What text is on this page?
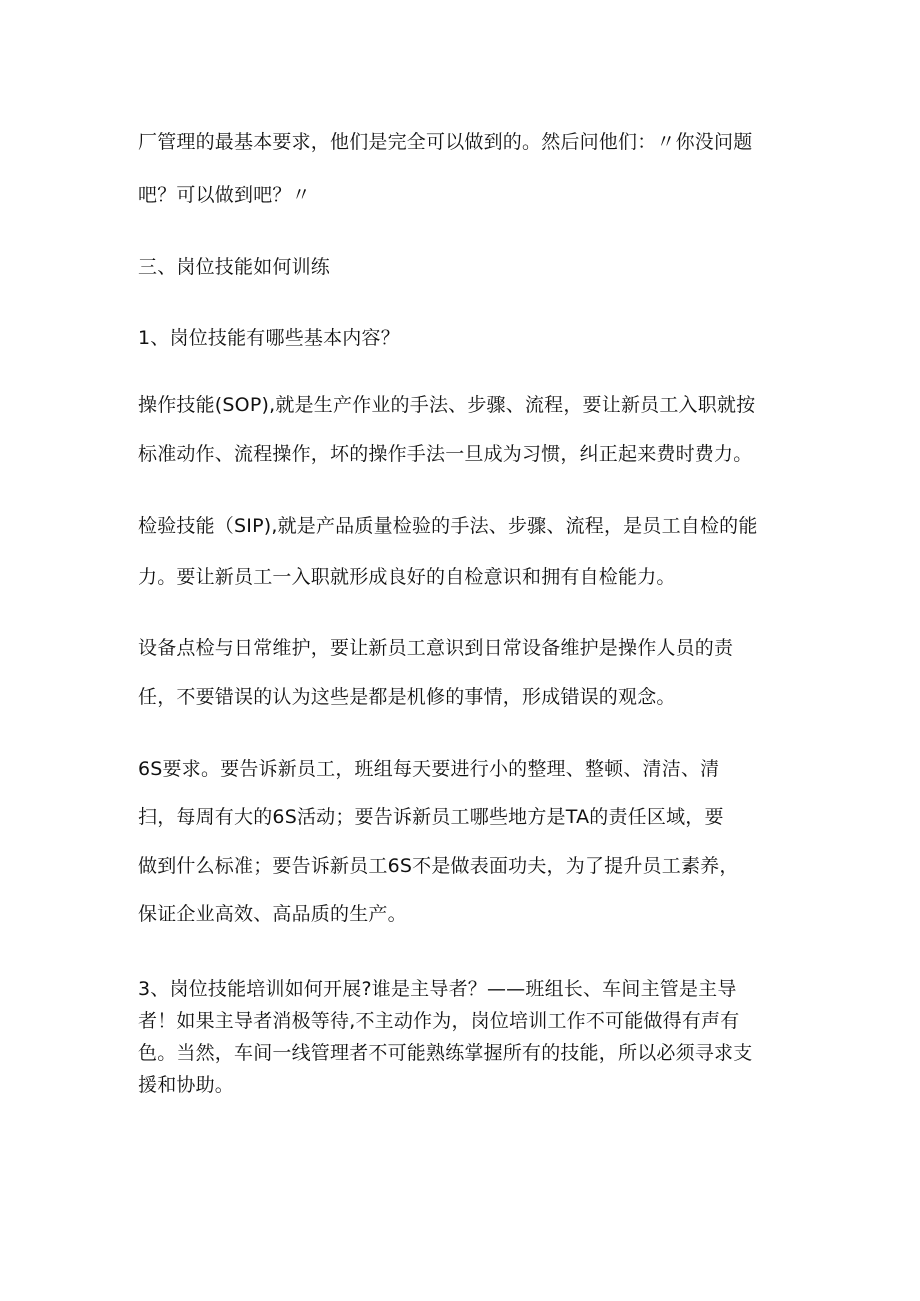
厂管理的最基本要求，他们是完全可以做到的。然后问他们：〃你没问题
吧？可以做到吧？〃
三、岗位技能如何训练
1、岗位技能有哪些基本内容？
操作技能(SOP),就是生产作业的手法、步骤、流程，要让新员工入职就按
标准动作、流程操作，坏的操作手法一旦成为习惯，纠正起来费时费力。
检验技能（SIP),就是产品质量检验的手法、步骤、流程，是员工自检的能
力。要让新员工一入职就形成良好的自检意识和拥有自检能力。
设备点检与日常维护，要让新员工意识到日常设备维护是操作人员的责
任，不要错误的认为这些是都是机修的事情，形成错误的观念。
6S要求。要告诉新员工，班组每天要进行小的整理、整顿、清洁、清
扫，每周有大的6S活动；要告诉新员工哪些地方是TA的责任区域，要
做到什么标准；要告诉新员工6S不是做表面功夫，为了提升员工素养，
保证企业高效、高品质的生产。
3、岗位技能培训如何开展?谁是主导者？——班组长、车间主管是主导
者！如果主导者消极等待,不主动作为，岗位培训工作不可能做得有声有
色。当然，车间一线管理者不可能熟练掌握所有的技能，所以必须寻求支
援和协助。
